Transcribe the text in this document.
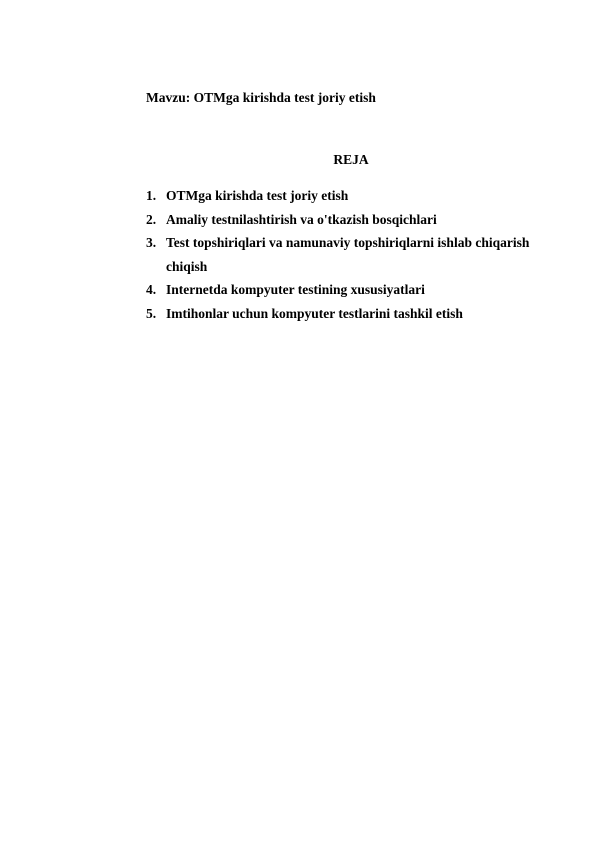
Mavzu: OTMga kirishda test joriy etish
REJA
1. OTMga kirishda test joriy etish
2. Amaliy testnilashtirish va o'tkazish bosqichlari
3. Test topshiriqlari va namunaviy topshiriqlarni ishlab chiqarish chiqish
4. Internetda kompyuter testining xususiyatlari
5. Imtihonlar uchun kompyuter testlarini tashkil etish
